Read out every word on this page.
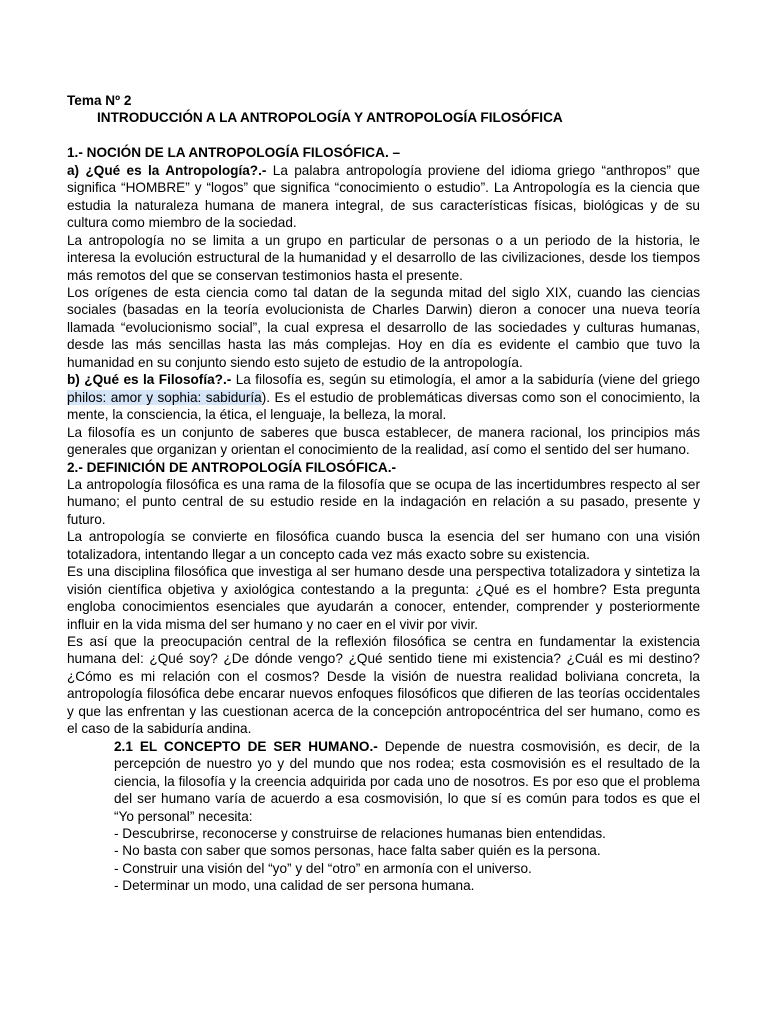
Tema Nº 2

INTRODUCCIÓN A LA ANTROPOLOGÍA Y ANTROPOLOGÍA FILOSÓFICA

1.- NOCIÓN DE LA ANTROPOLOGÍA FILOSÓFICA. –

a) ¿Qué es la Antropología?.- La palabra antropología proviene del idioma griego “anthropos” que significa “HOMBRE” y “logos” que significa “conocimiento o estudio”. La Antropología es la ciencia que estudia la naturaleza humana de manera integral, de sus características físicas, biológicas y de su cultura como miembro de la sociedad.

La antropología no se limita a un grupo en particular de personas o a un periodo de la historia, le interesa la evolución estructural de la humanidad y el desarrollo de las civilizaciones, desde los tiempos más remotos del que se conservan testimonios hasta el presente.

Los orígenes de esta ciencia como tal datan de la segunda mitad del siglo XIX, cuando las ciencias sociales (basadas en la teoría evolucionista de Charles Darwin) dieron a conocer una nueva teoría llamada “evolucionismo social”, la cual expresa el desarrollo de las sociedades y culturas humanas, desde las más sencillas hasta las más complejas. Hoy en día es evidente el cambio que tuvo la humanidad en su conjunto siendo esto sujeto de estudio de la antropología.

b) ¿Qué es la Filosofía?.- La filosofía es, según su etimología, el amor a la sabiduría (viene del griego philos: amor y sophia: sabiduría). Es el estudio de problemáticas diversas como son el conocimiento, la mente, la consciencia, la ética, el lenguaje, la belleza, la moral.

La filosofía es un conjunto de saberes que busca establecer, de manera racional, los principios más generales que organizan y orientan el conocimiento de la realidad, así como el sentido del ser humano.

2.- DEFINICIÓN DE ANTROPOLOGÍA FILOSÓFICA.-

La antropología filosófica es una rama de la filosofía que se ocupa de las incertidumbres respecto al ser humano; el punto central de su estudio reside en la indagación en relación a su pasado, presente y futuro.

La antropología se convierte en filosófica cuando busca la esencia del ser humano con una visión totalizadora, intentando llegar a un concepto cada vez más exacto sobre su existencia.

Es una disciplina filosófica que investiga al ser humano desde una perspectiva totalizadora y sintetiza la visión científica objetiva y axiológica contestando a la pregunta: ¿Qué es el hombre? Esta pregunta engloba conocimientos esenciales que ayudarán a conocer, entender, comprender y posteriormente influir en la vida misma del ser humano y no caer en el vivir por vivir.

Es así que la preocupación central de la reflexión filosófica se centra en fundamentar la existencia humana del: ¿Qué soy? ¿De dónde vengo? ¿Qué sentido tiene mi existencia? ¿Cuál es mi destino? ¿Cómo es mi relación con el cosmos? Desde la visión de nuestra realidad boliviana concreta, la antropología filosófica debe encarar nuevos enfoques filosóficos que difieren de las teorías occidentales y que las enfrentan y las cuestionan acerca de la concepción antropocéntrica del ser humano, como es el caso de la sabiduría andina.

2.1 EL CONCEPTO DE SER HUMANO.- Depende de nuestra cosmovisión, es decir, de la percepción de nuestro yo y del mundo que nos rodea; esta cosmovisión es el resultado de la ciencia, la filosofía y la creencia adquirida por cada uno de nosotros. Es por eso que el problema del ser humano varía de acuerdo a esa cosmovisión, lo que sí es común para todos es que el “Yo personal” necesita:

- Descubrirse, reconocerse y construirse de relaciones humanas bien entendidas.

- No basta con saber que somos personas, hace falta saber quién es la persona.

- Construir una visión del “yo” y del “otro” en armonía con el universo.

- Determinar un modo, una calidad de ser persona humana.
